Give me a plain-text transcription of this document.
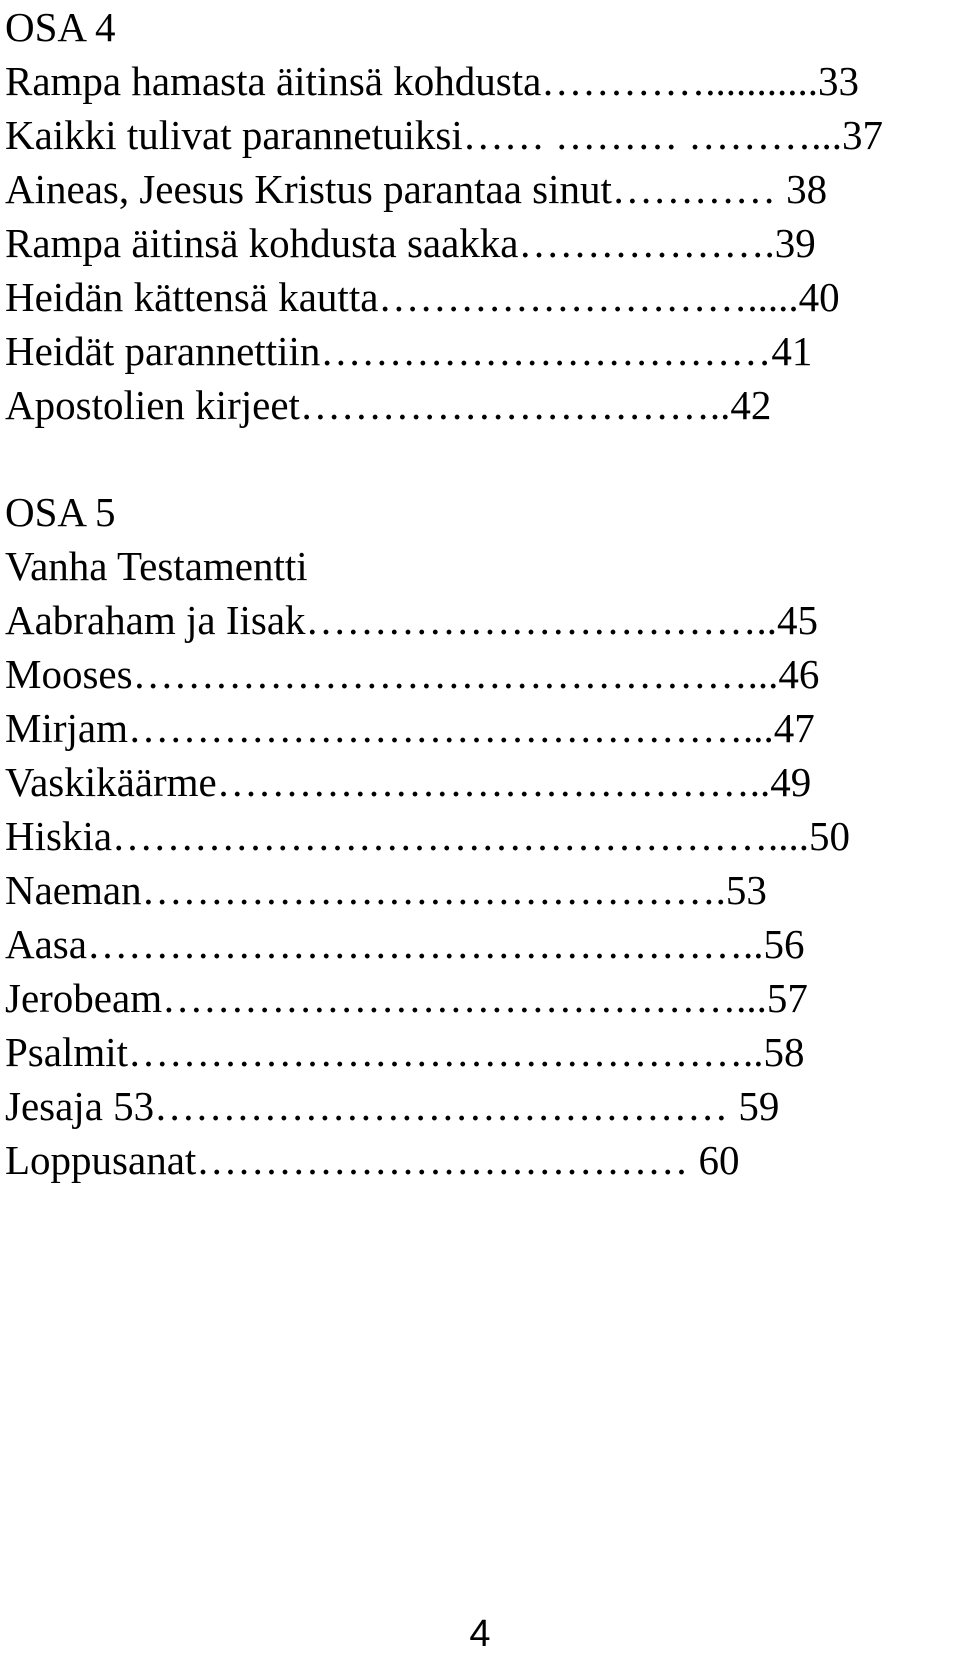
OSA 4
Rampa hamasta äitinsä kohdusta…………...........33
Kaikki tulivat parannetuiksi…… ……… ………...37
Aineas, Jeesus Kristus parantaa sinut………… 38
Rampa äitinsä kohdusta saakka……………….39
Heidän kättensä kautta……………………….....40
Heidät parannettiin……………………………41
Apostolien kirjeet…………………………..42
OSA 5
Vanha Testamentti
Aabraham ja Iisak……………………………..45
Mooses………………………………………...46
Mirjam………………………………………...47
Vaskikäärme…………………………………..49
Hiskia…………………………………………....50
Naeman…………………………………….53
Aasa…………………………………………..56
Jerobeam……………………………………...57
Psalmit………………………………………..58
Jesaja 53…………………………………… 59
Loppusanat……………………………… 60
4
